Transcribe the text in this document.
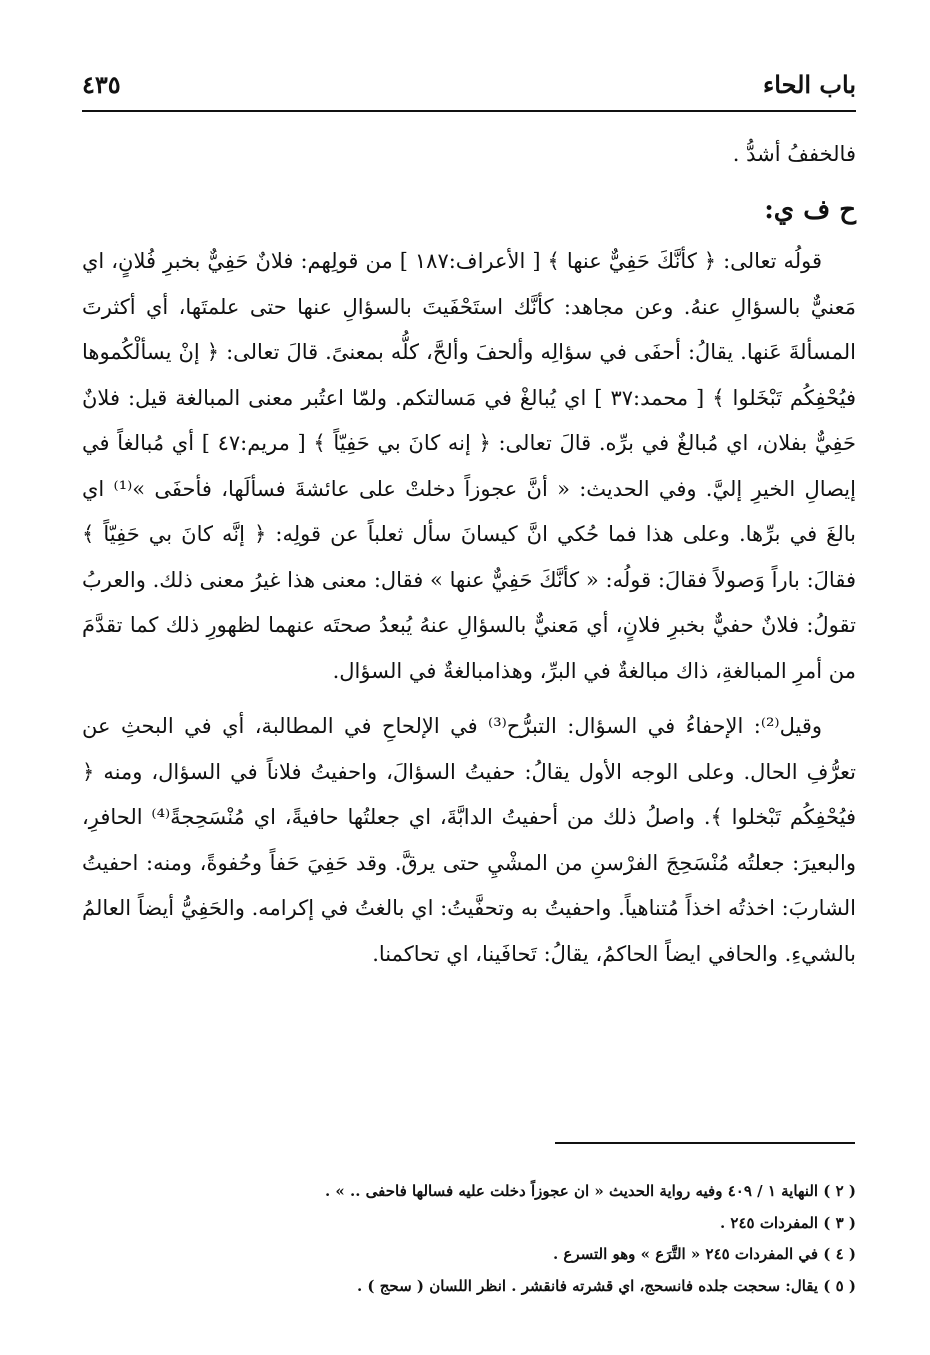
باب الحاء
٤٣٥

فالخففُ أشدُّ .

ح ف ي:

قولُه تعالى: ﴿ كأنَّكَ حَفِيٌّ عنها ﴾ [ الأعراف:١٨٧ ] من قولِهم: فلانٌ حَفِيٌّ بخبرِ فُلانٍ، اي مَعنيٌّ بالسؤالِ عنهُ. وعن مجاهد: كأنَّك استَحْفَيتَ بالسؤالِ عنها حتى علمتَها، أي أكثرتَ المسألةَ عَنها. يقالُ: أحفَى في سؤالِه وألحفَ وألحَّ، كلُّه بمعنىً. قالَ تعالى: ﴿ إنْ يسألْكُموها فيُحْفِكُم تَبْخَلوا ﴾ [ محمد:٣٧ ] اي يُبالغْ في مَسالتكم. ولمّا اعتُبر معنى المبالغة قيل: فلانٌ حَفِيٌّ بفلان، اي مُبالغٌ في برِّه. قالَ تعالى: ﴿ إنه كانَ بي حَفِيّاً ﴾ [ مريم:٤٧ ] أي مُبالغاً في إيصالِ الخيرِ إليَّ. وفي الحديث: « أنَّ عجوزاً دخلتْ على عائشةَ فسألَها، فأحفَى »⁽¹⁾ اي بالغَ في برِّها. وعلى هذا فما حُكي انَّ كيسانَ سأل ثعلباً عن قولِه: ﴿ إنَّه كانَ بي حَفِيّاً ﴾ فقالَ: باراً وَصولاً فقالَ: قولُه: « كأنَّكَ حَفِيٌّ عنها » فقال: معنى هذا غيرُ معنى ذلك. والعربُ تقولُ: فلانٌ حفيٌّ بخبرِ فلانٍ، أي مَعنيٌّ بالسؤالِ عنهُ يُبعدُ صحتَه عنهما لظهورِ ذلك كما تقدَّمَ من أمرِ المبالغةِ، ذاك مبالغةٌ في البرِّ، وهذامبالغةٌ في السؤال.

وقيل⁽²⁾: الإحفاءُ في السؤال: التبرُّح⁽³⁾ في الإلحاحِ في المطالبة، أي في البحثِ عن تعرُّفِ الحال. وعلى الوجه الأول يقالُ: حفيتُ السؤالَ، واحفيتُ فلاناً في السؤال، ومنه ﴿ فيُحْفِكُم تَبْخلوا ﴾. واصلُ ذلك من أحفيتُ الدابَّةَ، اي جعلتُها حافيةً، اي مُنْسَحِجةً⁽⁴⁾ الحافرِ، والبعيرَ: جعلتُه مُنْسَحِجَ الفرْسنِ من المشْيِ حتى يرقَّ. وقد حَفِيَ حَفاً وحُفوةً، ومنه: احفيتُ الشاربَ: اخذتُه اخذاً مُتناهياً. واحفيتُ به وتحفَّيتُ: اي بالغتُ في إكرامه. والحَفِيُّ أيضاً العالمُ بالشيءِ. والحافي ايضاً الحاكمُ، يقالُ: تَحافَينا، اي تحاكمنا.

( ٢ ) النهاية ١ / ٤٠٩ وفيه رواية الحديث « ان عجوزاً دخلت عليه فسالها فاحفى .. » .
( ٣ ) المفردات ٢٤٥ .
( ٤ ) في المفردات ٢٤٥ « التَّرَع » وهو التسرع .
( ٥ ) يقال: سحجت جلده فانسحج، اي قشرته فانقشر . انظر اللسان ( سحج ) .
